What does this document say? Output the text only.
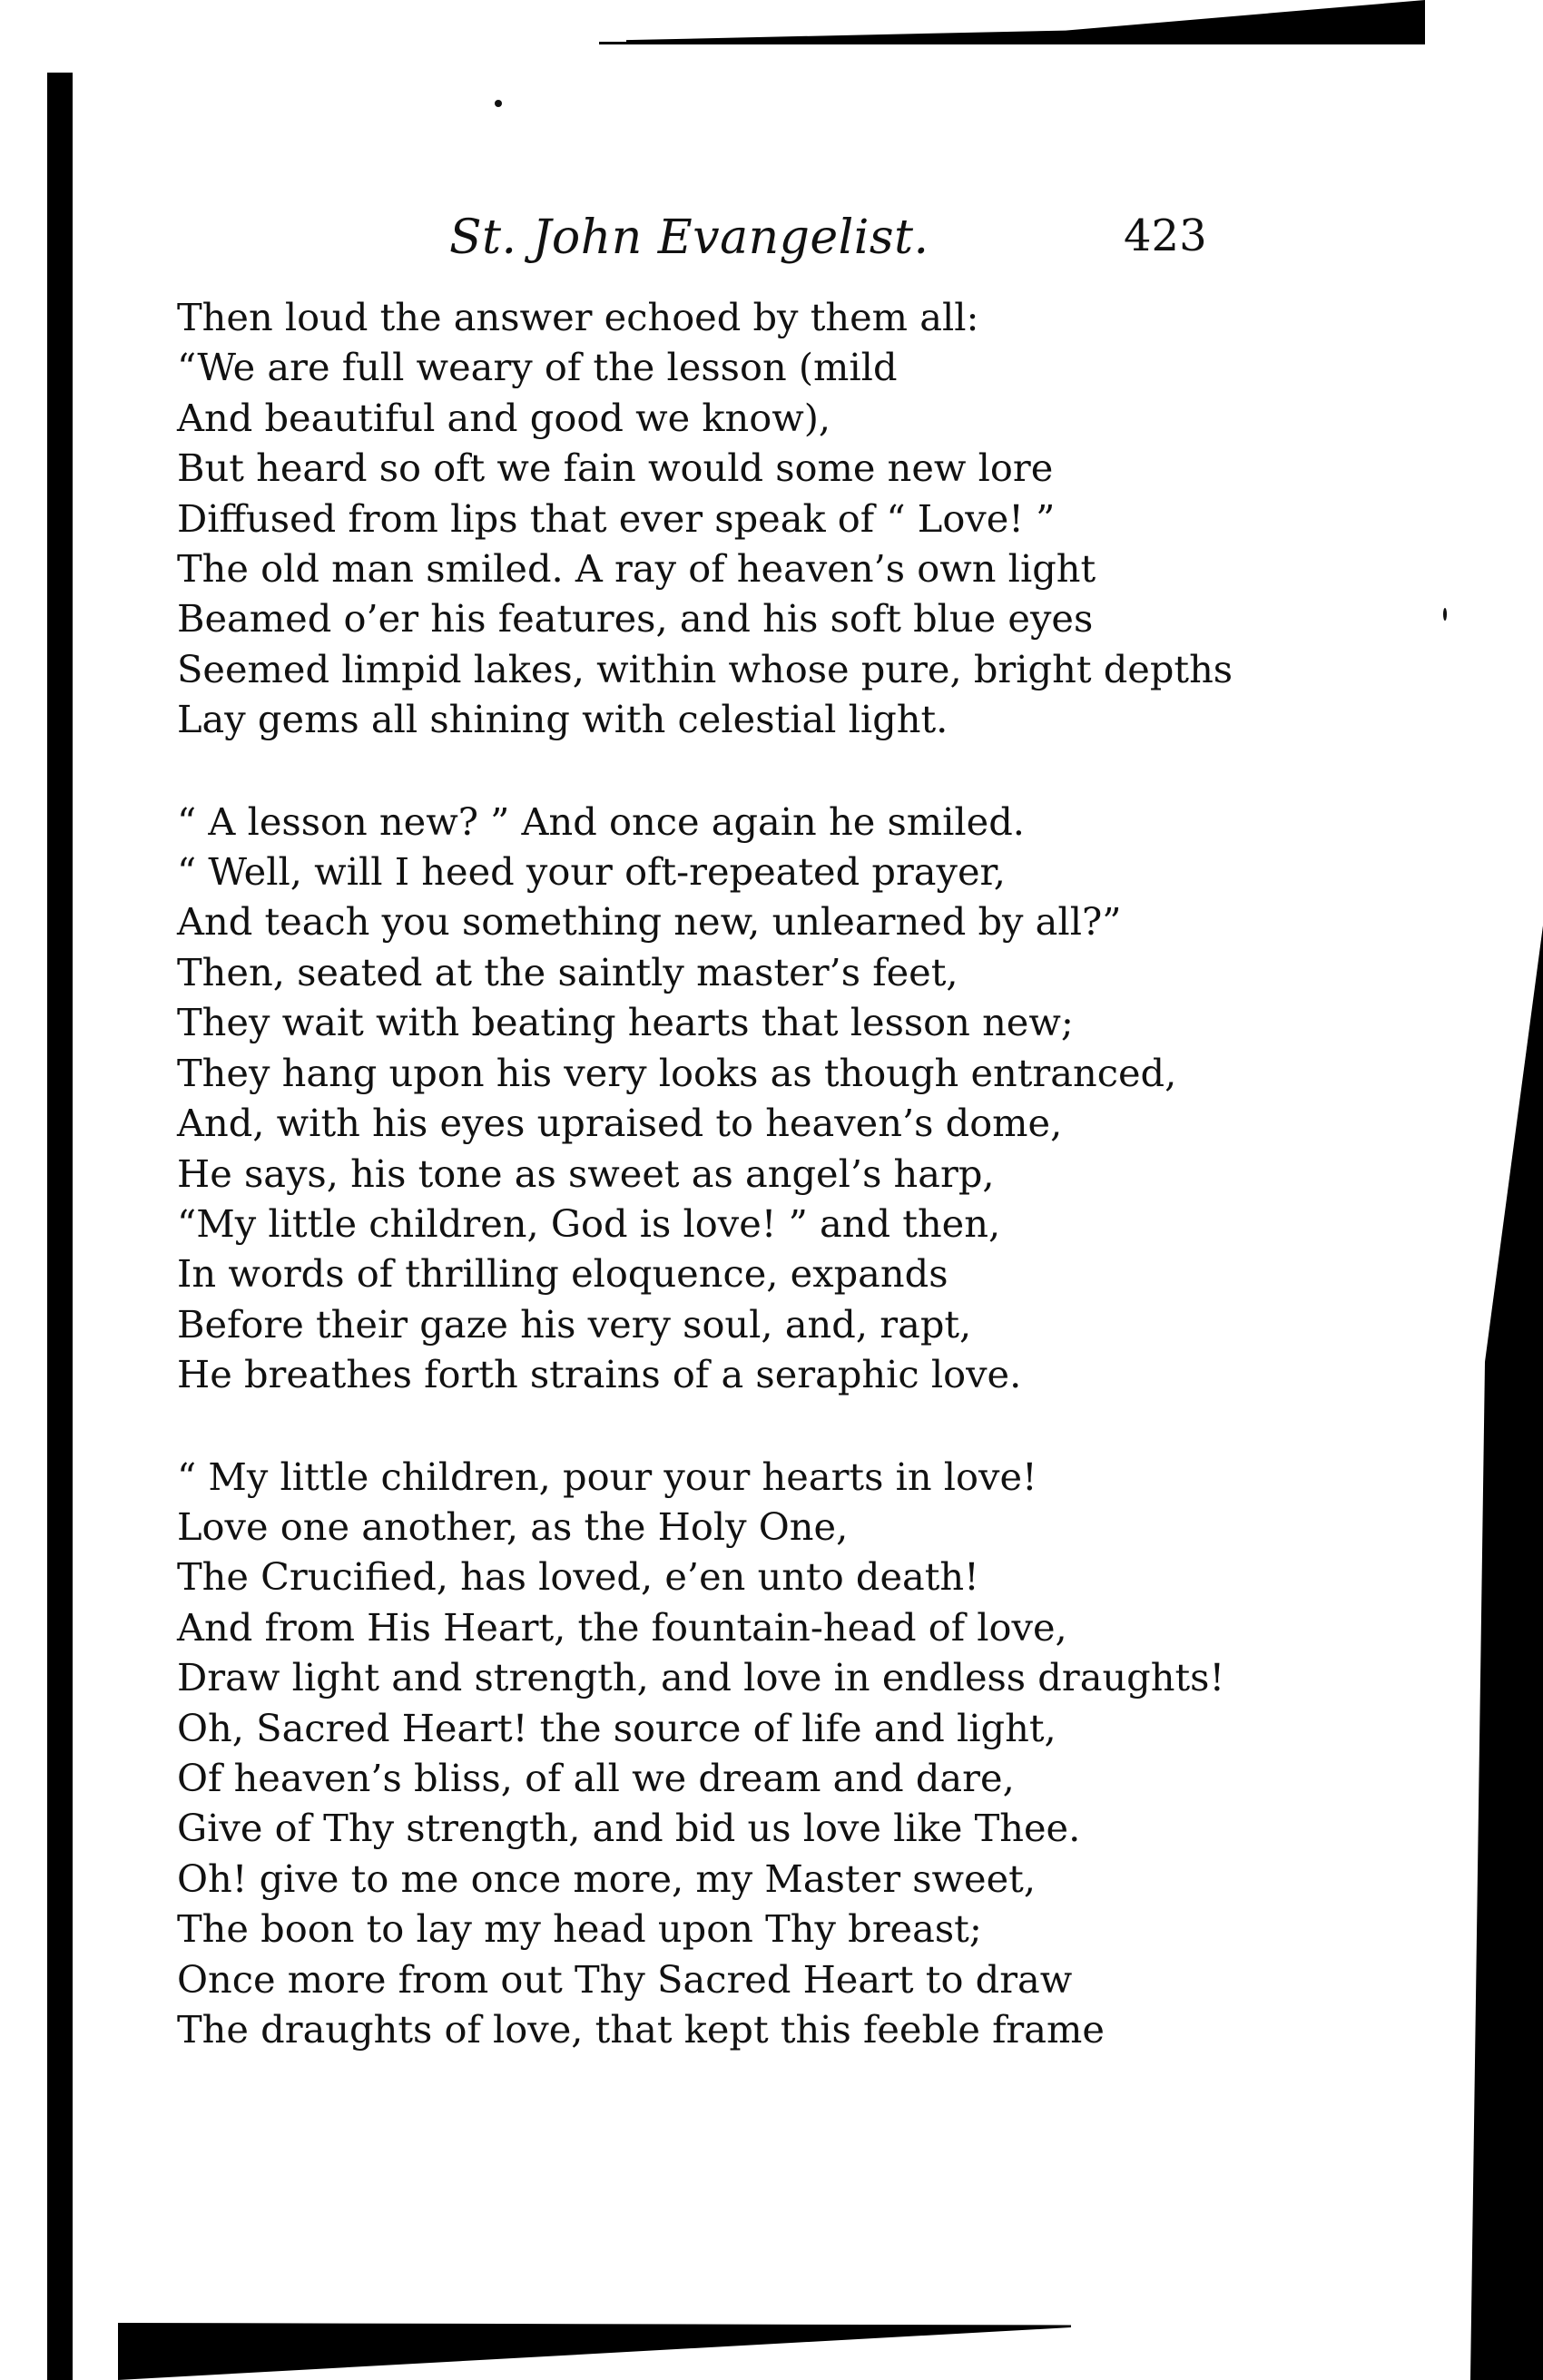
St. John Evangelist.	423
Then loud the answer echoed by them all:
“We are full weary of the lesson (mild
And beautiful and good we know),
But heard so oft we fain would some new lore
Diffused from lips that ever speak of “ Love! ”
The old man smiled. A ray of heaven’s own light
Beamed o’er his features, and his soft blue eyes
Seemed limpid lakes, within whose pure, bright depths
Lay gems all shining with celestial light.
“ A lesson new? ” And once again he smiled.
“ Well, will I heed your oft-repeated prayer,
And teach you something new, unlearned by all?”
Then, seated at the saintly master’s feet,
They wait with beating hearts that lesson new;
They hang upon his very looks as though entranced,
And, with his eyes upraised to heaven’s dome,
He says, his tone as sweet as angel’s harp,
“My little children, God is love! ” and then,
In words of thrilling eloquence, expands
Before their gaze his very soul, and, rapt,
He breathes forth strains of a seraphic love.
“ My little children, pour your hearts in love!
Love one another, as the Holy One,
The Crucified, has loved, e’en unto death!
And from His Heart, the fountain-head of love,
Draw light and strength, and love in endless draughts!
Oh, Sacred Heart! the source of life and light,
Of heaven’s bliss, of all we dream and dare,
Give of Thy strength, and bid us love like Thee.
Oh! give to me once more, my Master sweet,
The boon to lay my head upon Thy breast;
Once more from out Thy Sacred Heart to draw
The draughts of love, that kept this feeble frame
